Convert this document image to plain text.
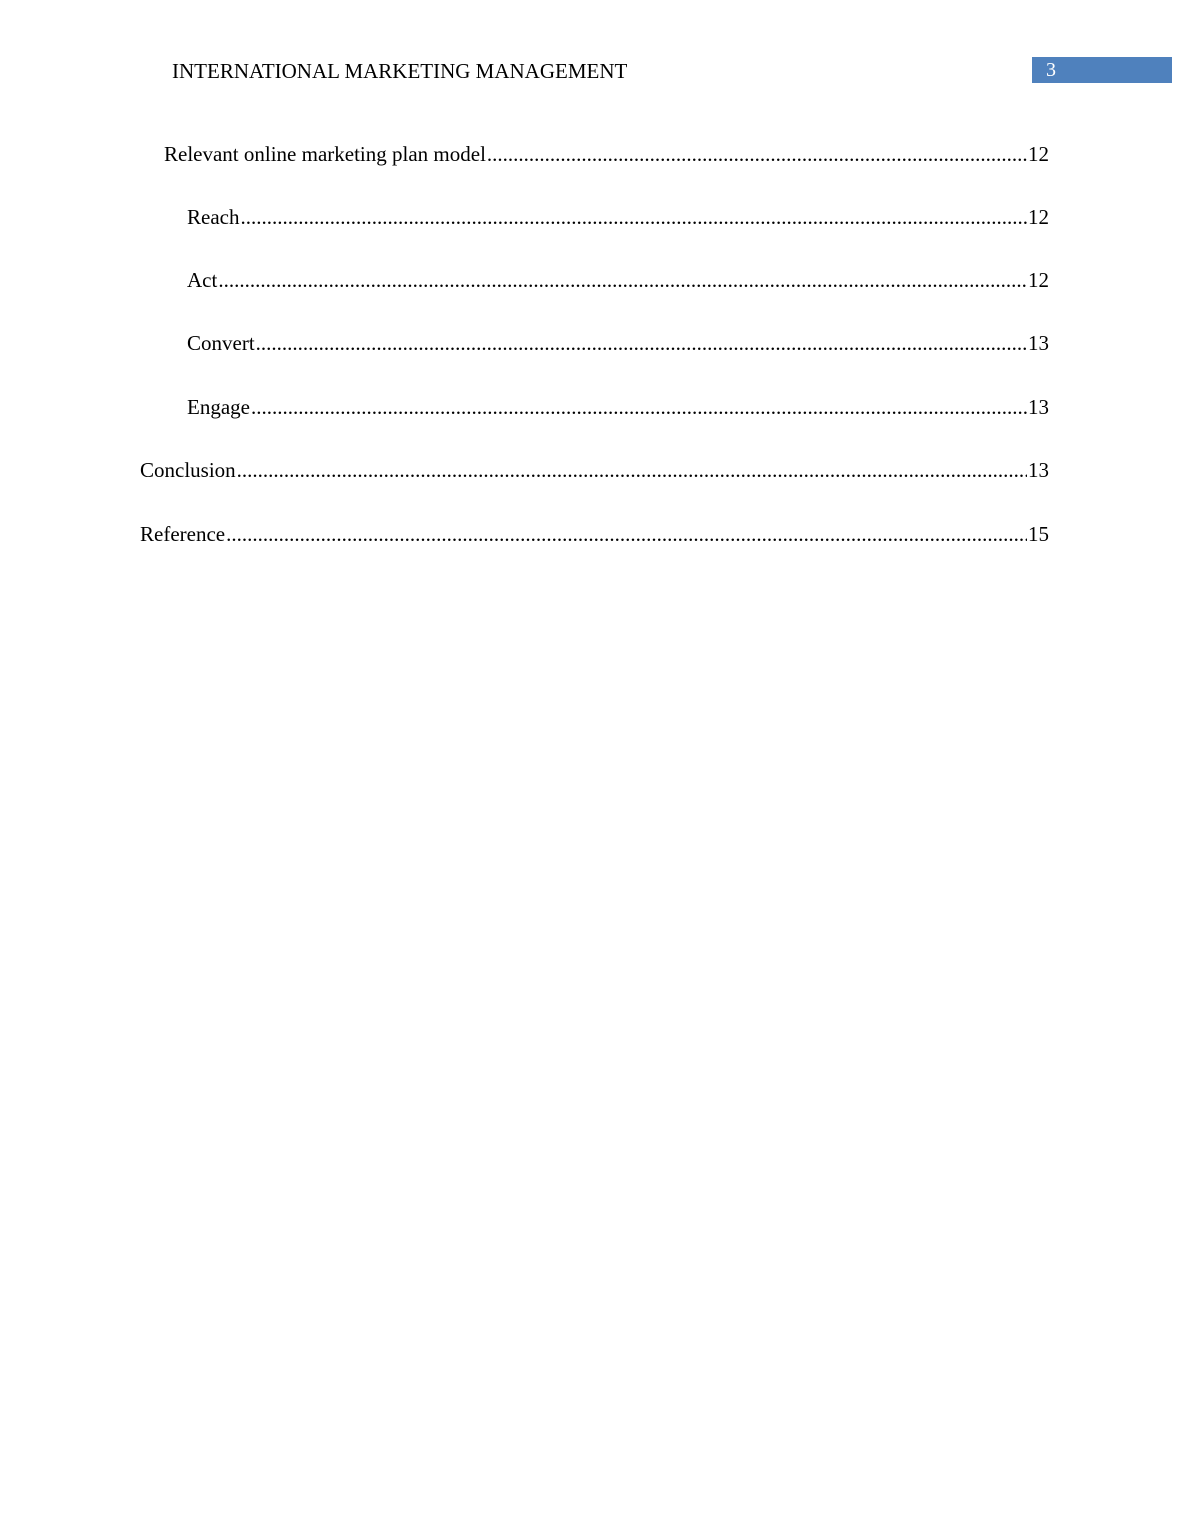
INTERNATIONAL MARKETING MANAGEMENT	3
Relevant online marketing plan model .....	12
Reach .....	12
Act .....	12
Convert .....	13
Engage .....	13
Conclusion .....	13
Reference .....	15
